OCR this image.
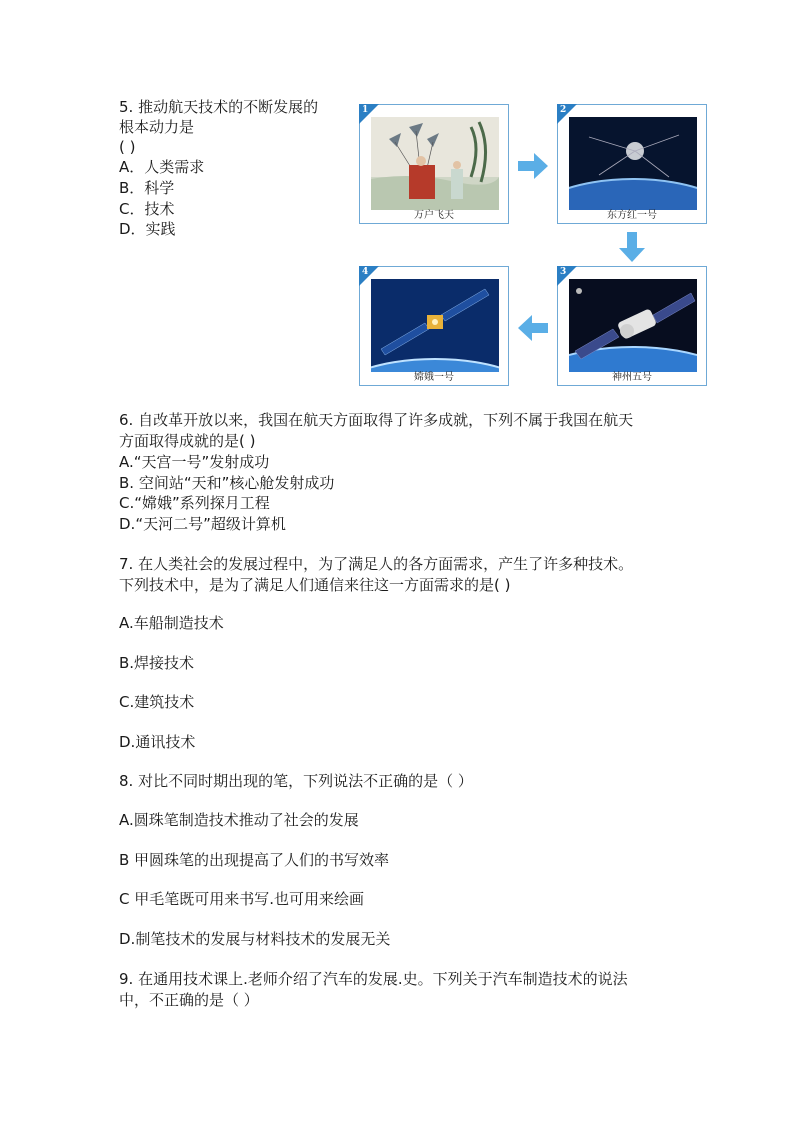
5. 推动航天技术的不断发展的
根本动力是
( )
A．人类需求
B．科学
C．技术
D．实践
1
万户飞天
2
xS
东方红一号
3
xS
神州五号
4
xS
嫦娥一号
6. 自改革开放以来，我国在航天方面取得了许多成就，下列不属于我国在航天
方面取得成就的是( )
A.“天宫一号”发射成功
B. 空间站“天和”核心舱发射成功
C.“嫦娥”系列探月工程
D.“天河二号”超级计算机
7. 在人类社会的发展过程中，为了满足人的各方面需求，产生了许多种技术。
下列技术中，是为了满足人们通信来往这一方面需求的是( )
A.车船制造技术
B.焊接技术
C.建筑技术
D.通讯技术
8. 对比不同时期出现的笔，下列说法不正确的是（ ）
A.圆珠笔制造技术推动了社会的发展
B 甲圆珠笔的出现提高了人们的书写效率
C 甲毛笔既可用来书写.也可用来绘画
D.制笔技术的发展与材料技术的发展无关
9. 在通用技术课上.老师介绍了汽车的发展.史。下列关于汽车制造技术的说法
中，不正确的是（ ）
